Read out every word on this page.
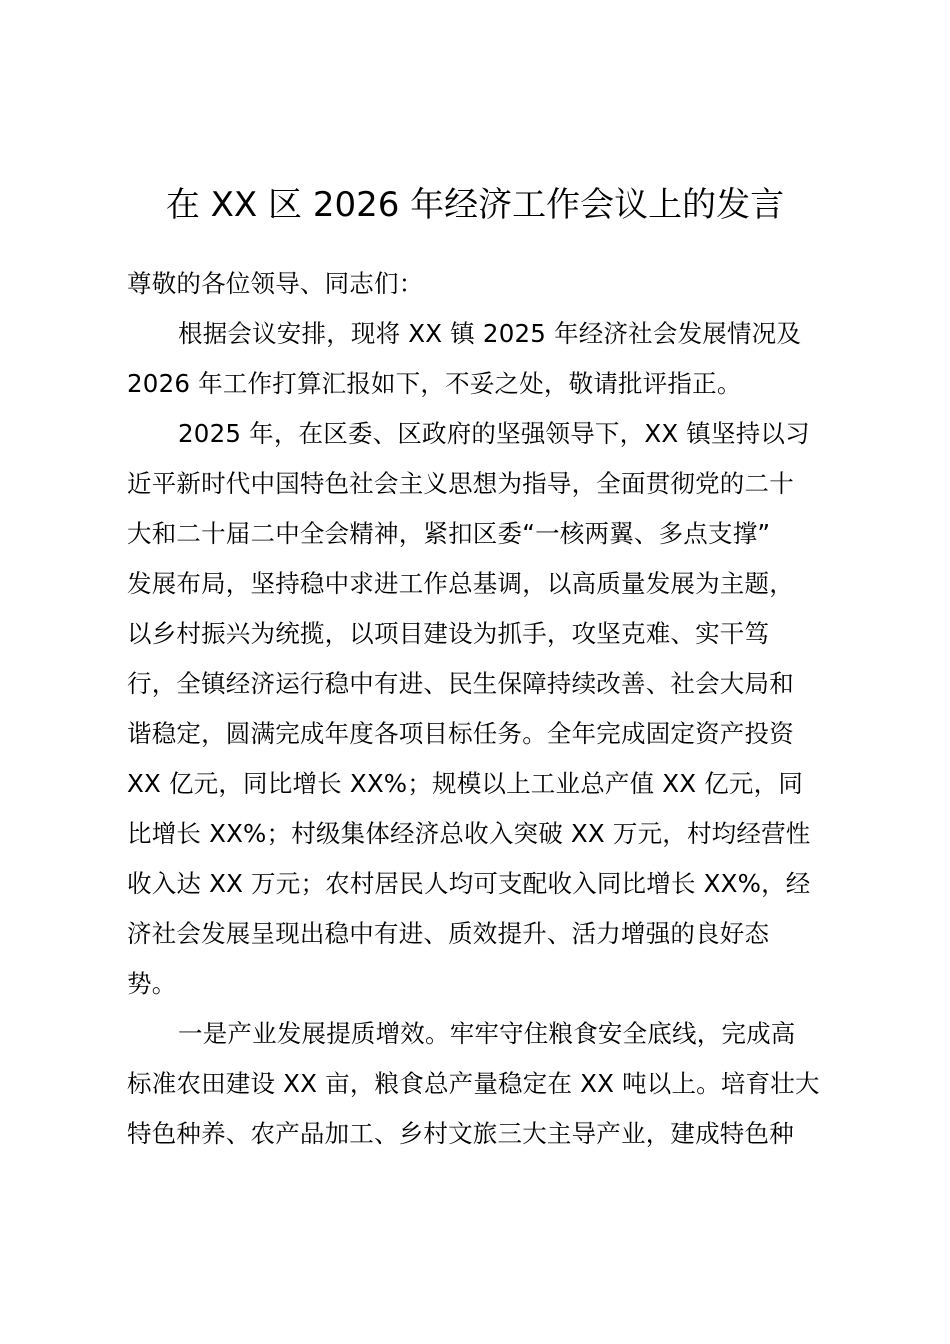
在 XX 区 2026 年经济工作会议上的发言
尊敬的各位领导、同志们：
根据会议安排，现将 XX 镇 2025 年经济社会发展情况及
2026 年工作打算汇报如下，不妥之处，敬请批评指正。
2025 年，在区委、区政府的坚强领导下，XX 镇坚持以习
近平新时代中国特色社会主义思想为指导，全面贯彻党的二十
大和二十届二中全会精神，紧扣区委“一核两翼、多点支撑”
发展布局，坚持稳中求进工作总基调，以高质量发展为主题，
以乡村振兴为统揽，以项目建设为抓手，攻坚克难、实干笃
行，全镇经济运行稳中有进、民生保障持续改善、社会大局和
谐稳定，圆满完成年度各项目标任务。全年完成固定资产投资
XX 亿元，同比增长 XX%；规模以上工业总产值 XX 亿元，同
比增长 XX%；村级集体经济总收入突破 XX 万元，村均经营性
收入达 XX 万元；农村居民人均可支配收入同比增长 XX%，经
济社会发展呈现出稳中有进、质效提升、活力增强的良好态
势。
一是产业发展提质增效。牢牢守住粮食安全底线，完成高
标准农田建设 XX 亩，粮食总产量稳定在 XX 吨以上。培育壮大
特色种养、农产品加工、乡村文旅三大主导产业，建成特色种
